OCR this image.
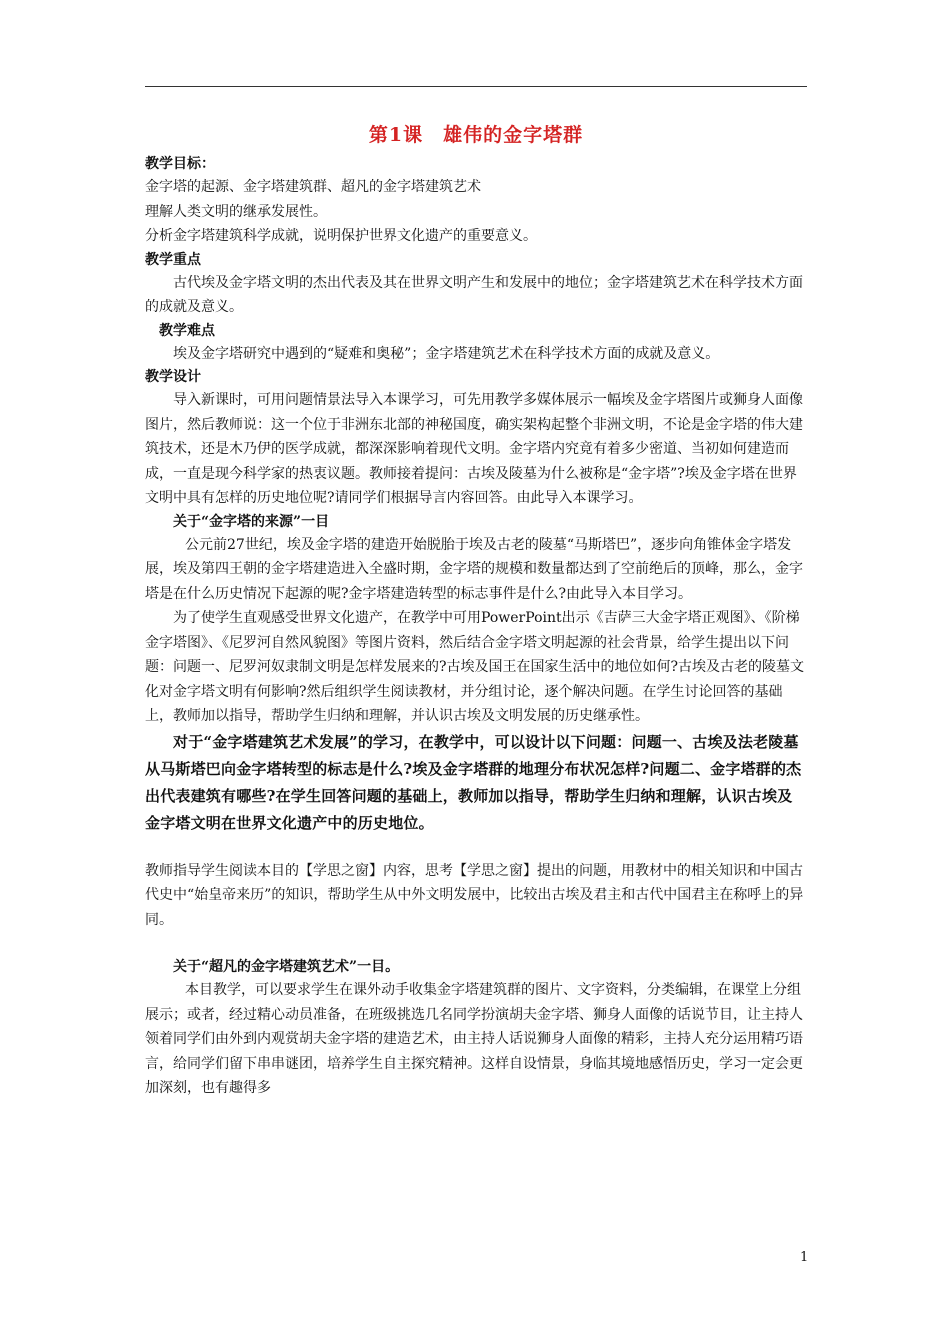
第1课　雄伟的金字塔群

教学目标：

金字塔的起源、金字塔建筑群、超凡的金字塔建筑艺术

理解人类文明的继承发展性。

分析金字塔建筑科学成就，说明保护世界文化遗产的重要意义。

教学重点

古代埃及金字塔文明的杰出代表及其在世界文明产生和发展中的地位；金字塔建筑艺术在科学技术方面的成就及意义。

教学难点

埃及金字塔研究中遇到的“疑难和奥秘”；金字塔建筑艺术在科学技术方面的成就及意义。

教学设计

导入新课时，可用问题情景法导入本课学习，可先用教学多媒体展示一幅埃及金字塔图片或狮身人面像图片，然后教师说：这一个位于非洲东北部的神秘国度，确实架构起整个非洲文明，不论是金字塔的伟大建筑技术，还是木乃伊的医学成就，都深深影响着现代文明。金字塔内究竟有着多少密道、当初如何建造而成，一直是现今科学家的热衷议题。教师接着提问：古埃及陵墓为什么被称是“金字塔”?埃及金字塔在世界文明中具有怎样的历史地位呢?请同学们根据导言内容回答。由此导入本课学习。

关于“金字塔的来源”一目

公元前27世纪，埃及金字塔的建造开始脱胎于埃及古老的陵墓“马斯塔巴”，逐步向角锥体金字塔发展，埃及第四王朝的金字塔建造进入全盛时期，金字塔的规模和数量都达到了空前绝后的顶峰，那么，金字塔是在什么历史情况下起源的呢?金字塔建造转型的标志事件是什么?由此导入本目学习。

为了使学生直观感受世界文化遗产，在教学中可用PowerPoint出示《吉萨三大金字塔正观图》、《阶梯金字塔图》、《尼罗河自然风貌图》等图片资料，然后结合金字塔文明起源的社会背景，给学生提出以下问题：问题一、尼罗河奴隶制文明是怎样发展来的?古埃及国王在国家生活中的地位如何?古埃及古老的陵墓文化对金字塔文明有何影响?然后组织学生阅读教材，并分组讨论，逐个解决问题。在学生讨论回答的基础上，教师加以指导，帮助学生归纳和理解，并认识古埃及文明发展的历史继承性。

对于“金字塔建筑艺术发展”的学习，在教学中，可以设计以下问题：问题一、古埃及法老陵墓从马斯塔巴向金字塔转型的标志是什么?埃及金字塔群的地理分布状况怎样?问题二、金字塔群的杰出代表建筑有哪些?在学生回答问题的基础上，教师加以指导，帮助学生归纳和理解，认识古埃及金字塔文明在世界文化遗产中的历史地位。

教师指导学生阅读本目的【学思之窗】内容，思考【学思之窗】提出的问题，用教材中的相关知识和中国古代史中“始皇帝来历”的知识，帮助学生从中外文明发展中，比较出古埃及君主和古代中国君主在称呼上的异同。

关于“超凡的金字塔建筑艺术”一目。

本目教学，可以要求学生在课外动手收集金字塔建筑群的图片、文字资料，分类编辑，在课堂上分组展示；或者，经过精心动员准备，在班级挑选几名同学扮演胡夫金字塔、狮身人面像的话说节目，让主持人领着同学们由外到内观赏胡夫金字塔的建造艺术，由主持人话说狮身人面像的精彩，主持人充分运用精巧语言，给同学们留下串串谜团，培养学生自主探究精神。这样自设情景，身临其境地感悟历史，学习一定会更加深刻，也有趣得多

1
